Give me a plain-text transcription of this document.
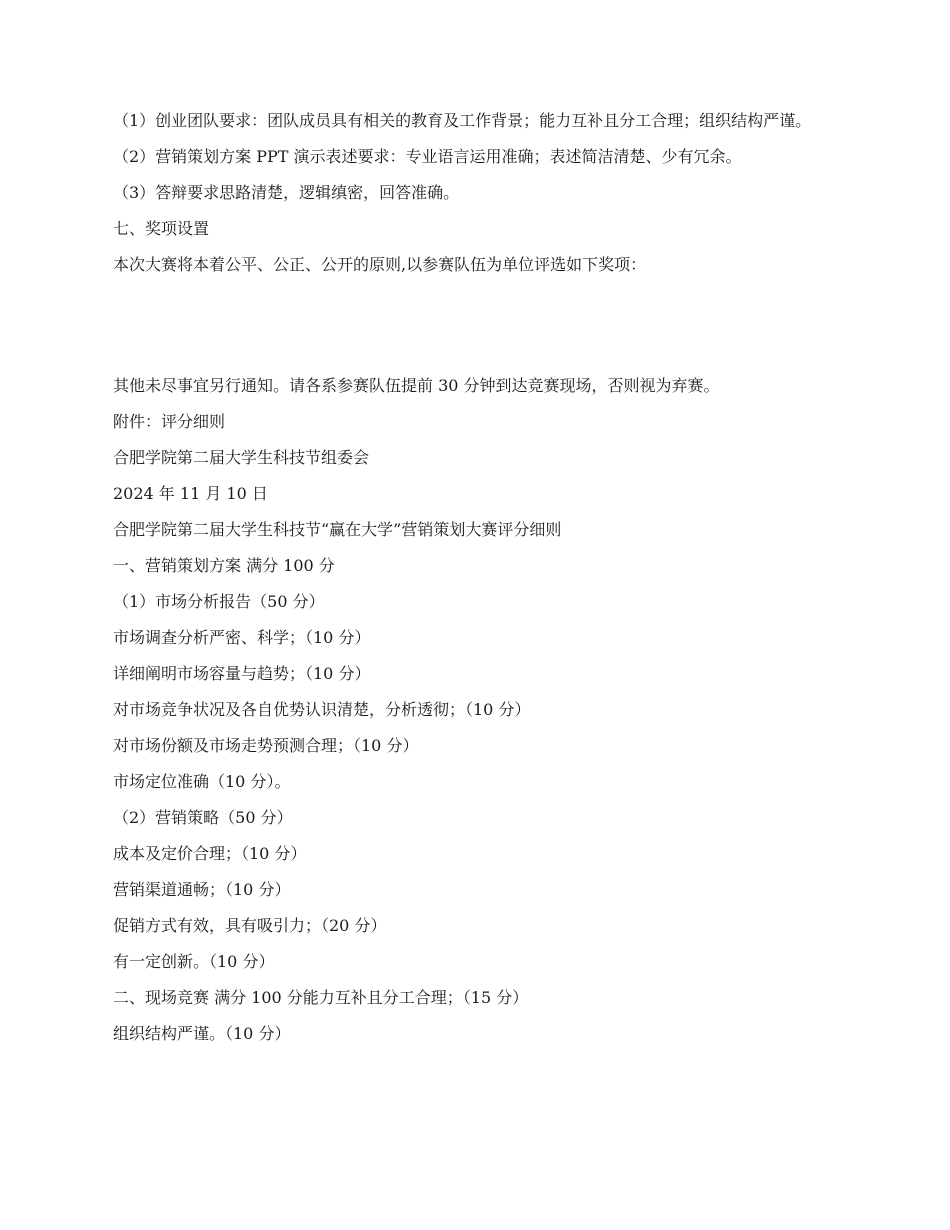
（1）创业团队要求：团队成员具有相关的教育及工作背景；能力互补且分工合理；组织结构严谨。

（2）营销策划方案 PPT 演示表述要求：专业语言运用准确；表述简洁清楚、少有冗余。

（3）答辩要求思路清楚，逻辑缜密，回答准确。

七、奖项设置

本次大赛将本着公平、公正、公开的原则,以参赛队伍为单位评选如下奖项：

其他未尽事宜另行通知。请各系参赛队伍提前 30 分钟到达竞赛现场，否则视为弃赛。

附件：评分细则

合肥学院第二届大学生科技节组委会

2024 年 11 月 10 日

合肥学院第二届大学生科技节“赢在大学”营销策划大赛评分细则

一、营销策划方案 满分 100 分

（1）市场分析报告（50 分）

市场调查分析严密、科学；（10 分）

详细阐明市场容量与趋势；（10 分）

对市场竞争状况及各自优势认识清楚，分析透彻；（10 分）

对市场份额及市场走势预测合理；（10 分）

市场定位准确（10 分）。

（2）营销策略（50 分）

成本及定价合理；（10 分）

营销渠道通畅；（10 分）

促销方式有效，具有吸引力；（20 分）

有一定创新。（10 分）

二、现场竞赛 满分 100 分能力互补且分工合理；（15 分）

组织结构严谨。（10 分）
